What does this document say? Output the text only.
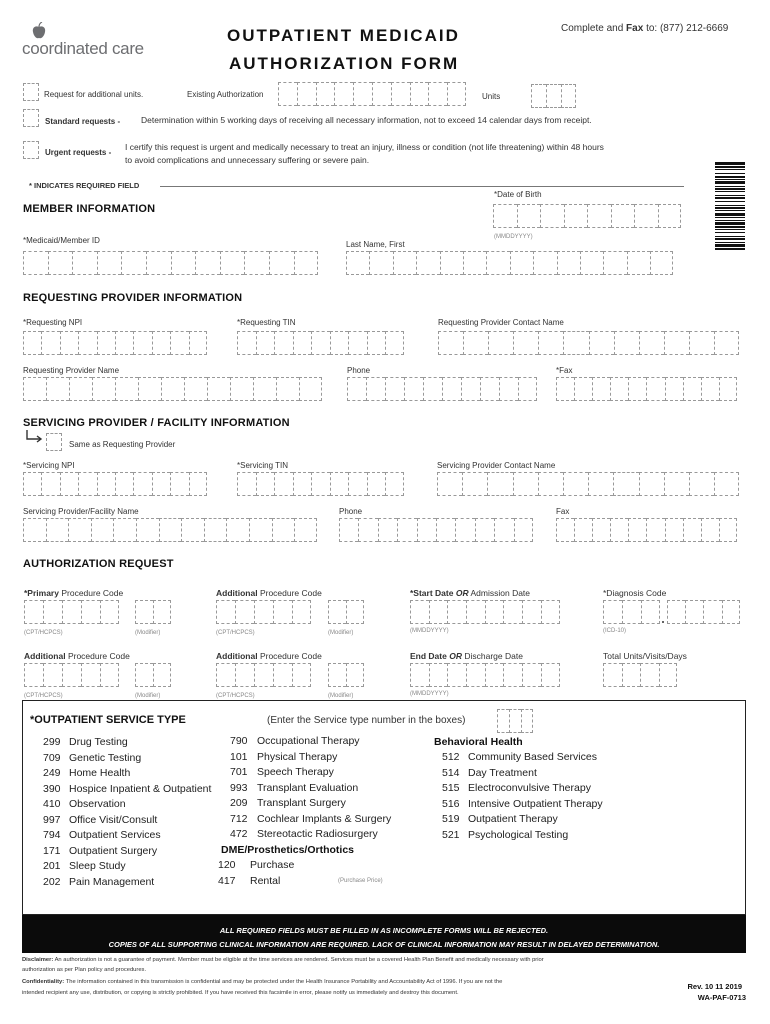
coordinated care
OUTPATIENT MEDICAID
AUTHORIZATION FORM
Complete and Fax to: (877) 212-6669
Request for additional units.	Existing Authorization	Units
Standard requests - Determination within 5 working days of receiving all necessary information, not to exceed 14 calendar days from receipt.
Urgent requests -
I certify this request is urgent and medically necessary to treat an injury, illness or condition (not life threatening) within 48 hours
to avoid complications and unnecessary suffering or severe pain.
* INDICATES REQUIRED FIELD
MEMBER INFORMATION
*Date of Birth
(MMDDYYYY)
*Medicaid/Member ID	Last Name, First
REQUESTING PROVIDER INFORMATION
*Requesting NPI	*Requesting TIN	Requesting Provider Contact Name
Requesting Provider Name	Phone	*Fax
SERVICING PROVIDER / FACILITY INFORMATION
Same as Requesting Provider
*Servicing NPI	*Servicing TIN	Servicing Provider Contact Name
Servicing Provider/Facility Name	Phone	Fax
AUTHORIZATION REQUEST
*Primary Procedure Code
(CPT/HCPCS)	(Modifier)
Additional Procedure Code
(CPT/HCPCS)	(Modifier)
*Start Date OR Admission Date
(MMDDYYYY)
*Diagnosis Code
(ICD-10)
Additional Procedure Code
(CPT/HCPCS)	(Modifier)
Additional Procedure Code
(CPT/HCPCS)	(Modifier)
End Date OR Discharge Date
(MMDDYYYY)
Total Units/Visits/Days
*OUTPATIENT SERVICE TYPE	(Enter the Service type number in the boxes)
299 Drug Testing
709 Genetic Testing
249 Home Health
390 Hospice Inpatient & Outpatient
410 Observation
997 Office Visit/Consult
794 Outpatient Services
171 Outpatient Surgery
201 Sleep Study
202 Pain Management
790 Occupational Therapy
101 Physical Therapy
701 Speech Therapy
993 Transplant Evaluation
209 Transplant Surgery
712 Cochlear Implants & Surgery
472 Stereotactic Radiosurgery
DME/Prosthetics/Orthotics
120 Purchase
417 Rental	(Purchase Price)
Behavioral Health
512 Community Based Services
514 Day Treatment
515 Electroconvulsive Therapy
516 Intensive Outpatient Therapy
519 Outpatient Therapy
521 Psychological Testing
ALL REQUIRED FIELDS MUST BE FILLED IN AS INCOMPLETE FORMS WILL BE REJECTED.
COPIES OF ALL SUPPORTING CLINICAL INFORMATION ARE REQUIRED. LACK OF CLINICAL INFORMATION MAY RESULT IN DELAYED DETERMINATION.
Disclaimer: An authorization is not a guarantee of payment. Member must be eligible at the time services are rendered. Services must be a covered Health Plan Benefit and medically necessary with prior
authorization as per Plan policy and procedures.
Confidentiality: The information contained in this transmission is confidential and may be protected under the Health Insurance Portability and Accountability Act of 1996. If you are not the
intended recipient any use, distribution, or copying is strictly prohibited. If you have received this facsimile in error, please notify us immediately and destroy this document.
Rev. 10 11 2019
WA-PAF-0713
